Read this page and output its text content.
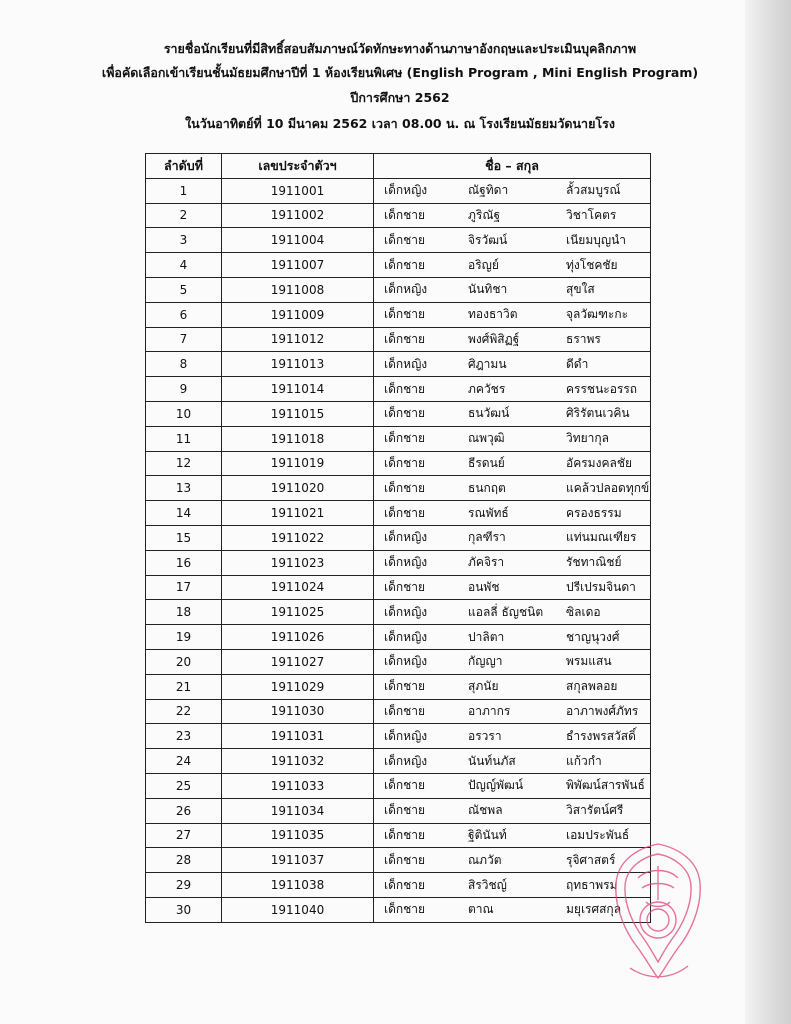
รายชื่อนักเรียนที่มีสิทธิ์สอบสัมภาษณ์วัดทักษะทางด้านภาษาอังกฤษและประเมินบุคลิกภาพ
เพื่อคัดเลือกเข้าเรียนชั้นมัธยมศึกษาปีที่ 1 ห้องเรียนพิเศษ (English Program , Mini English Program)
ปีการศึกษา 2562
ในวันอาทิตย์ที่ 10 มีนาคม 2562 เวลา 08.00 น. ณ โรงเรียนมัธยมวัดนายโรง
ลำดับที่	เลขประจำตัวฯ	ชื่อ – สกุล		
1	1911001	เด็กหญิง	ณัฐทิดา	ลั้วสมบูรณ์
2	1911002	เด็กชาย	ภูริณัฐ	วิชาโคตร
3	1911004	เด็กชาย	จิรวัฒน์	เนียมบุญนำ
4	1911007	เด็กชาย	อริญย์	ทุ่งโชคชัย
5	1911008	เด็กหญิง	นันทิชา	สุขใส
6	1911009	เด็กชาย	ทองธาวิต	จุลวัฒฑะกะ
7	1911012	เด็กชาย	พงศ์พิสิฏฐ์	ธราพร
8	1911013	เด็กหญิง	ศิฎามน	ดีดำ
9	1911014	เด็กชาย	ภควัชร	ครรชนะอรรถ
10	1911015	เด็กชาย	ธนวัฒน์	ศิริรัตนเวคิน
11	1911018	เด็กชาย	ณพวุฒิ	วิทยากุล
12	1911019	เด็กชาย	ธีรดนย์	อัครมงคลชัย
13	1911020	เด็กชาย	ธนกฤต	แคล้วปลอดทุกข์
14	1911021	เด็กชาย	รณพัทธ์	ครองธรรม
15	1911022	เด็กหญิง	กุลฑีรา	แท่นมณเฑียร
16	1911023	เด็กหญิง	ภัคจิรา	รัชทาณิชย์
17	1911024	เด็กชาย	อนพัช	ปรีเปรมจินดา
18	1911025	เด็กหญิง	แอลลี่ ธัญชนิต	ซิลเดอ
19	1911026	เด็กหญิง	ปาลิตา	ชาญนุวงศ์
20	1911027	เด็กหญิง	กัญญา	พรมแสน
21	1911029	เด็กชาย	สุภนัย	สกุลพลอย
22	1911030	เด็กชาย	อาภากร	อาภาพงศ์ภัทร
23	1911031	เด็กหญิง	อรวรา	ธำรงพรสวัสดิ์
24	1911032	เด็กหญิง	นันท์นภัส	แก้วกำ
25	1911033	เด็กชาย	ปัญญ์พัฒน์	พิพัฒน์สารพันธ์
26	1911034	เด็กชาย	ณัชพล	วิสารัตน์ศรี
27	1911035	เด็กชาย	ฐิตินันท์	เอมประพันธ์
28	1911037	เด็กชาย	ณภวัต	รุจิศาสตร์
29	1911038	เด็กชาย	สิรวิชญ์	ฤทธาพรม
30	1911040	เด็กชาย	ตาณ	มยุเรศสกุล
